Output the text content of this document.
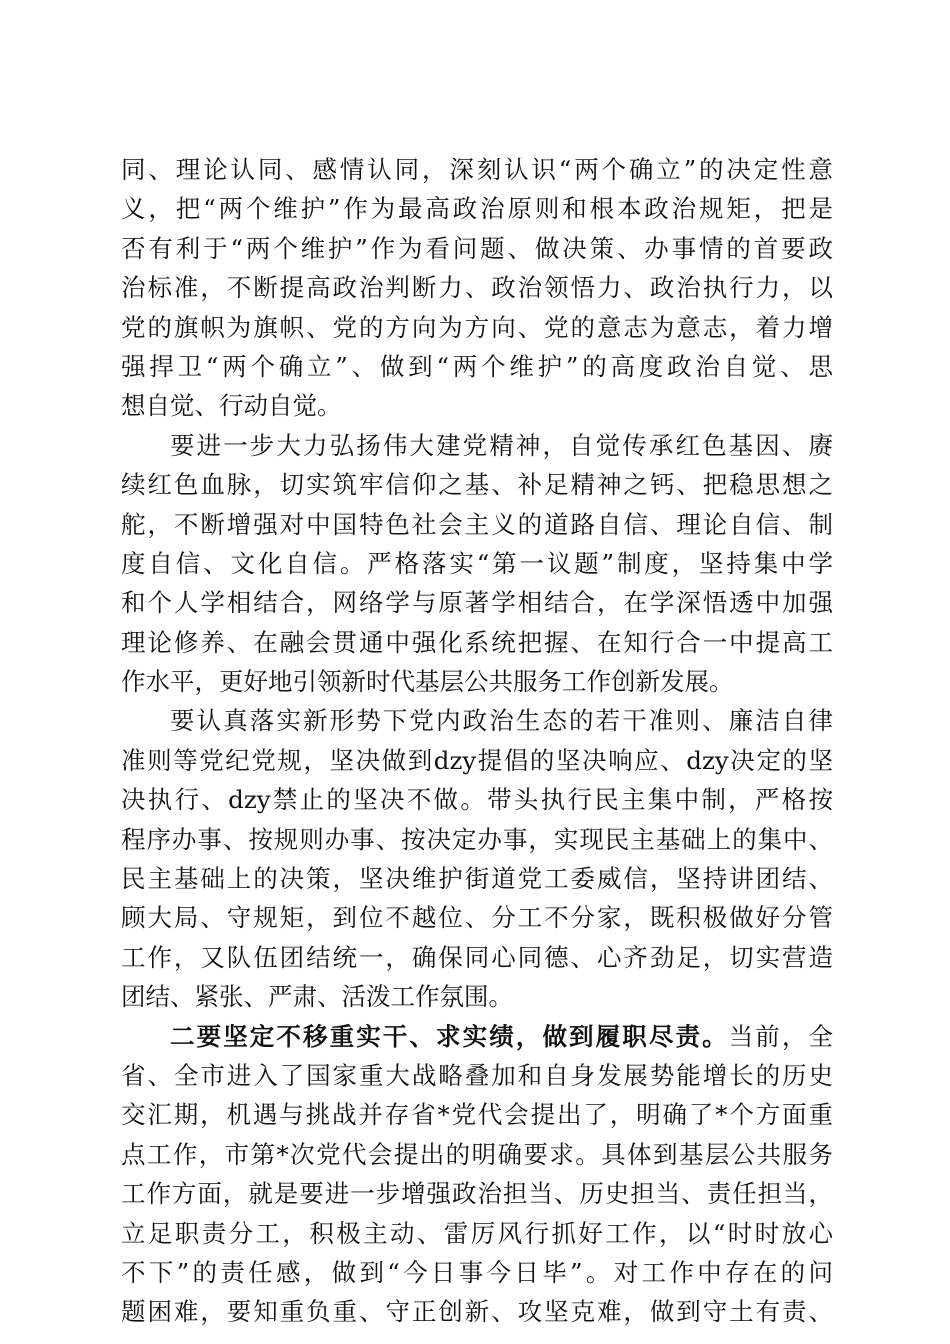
同、理论认同、感情认同，深刻认识“两个确立”的决定性意
义，把“两个维护”作为最高政治原则和根本政治规矩，把是
否有利于“两个维护”作为看问题、做决策、办事情的首要政
治标准，不断提高政治判断力、政治领悟力、政治执行力，以
党的旗帜为旗帜、党的方向为方向、党的意志为意志，着力增
强捍卫“两个确立”、做到“两个维护”的高度政治自觉、思
想自觉、行动自觉。
要进一步大力弘扬伟大建党精神，自觉传承红色基因、赓
续红色血脉，切实筑牢信仰之基、补足精神之钙、把稳思想之
舵，不断增强对中国特色社会主义的道路自信、理论自信、制
度自信、文化自信。严格落实“第一议题”制度，坚持集中学
和个人学相结合，网络学与原著学相结合，在学深悟透中加强
理论修养、在融会贯通中强化系统把握、在知行合一中提高工
作水平，更好地引领新时代基层公共服务工作创新发展。
要认真落实新形势下党内政治生态的若干准则、廉洁自律
准则等党纪党规，坚决做到dzy提倡的坚决响应、dzy决定的坚
决执行、dzy禁止的坚决不做。带头执行民主集中制，严格按
程序办事、按规则办事、按决定办事，实现民主基础上的集中、
民主基础上的决策，坚决维护街道党工委威信，坚持讲团结、
顾大局、守规矩，到位不越位、分工不分家，既积极做好分管
工作，又队伍团结统一，确保同心同德、心齐劲足，切实营造
团结、紧张、严肃、活泼工作氛围。
二要坚定不移重实干、求实绩，做到履职尽责。当前，全
省、全市进入了国家重大战略叠加和自身发展势能增长的历史
交汇期，机遇与挑战并存省*党代会提出了，明确了*个方面重
点工作，市第*次党代会提出的明确要求。具体到基层公共服务
工作方面，就是要进一步增强政治担当、历史担当、责任担当，
立足职责分工，积极主动、雷厉风行抓好工作，以“时时放心
不下”的责任感，做到“今日事今日毕”。对工作中存在的问
题困难，要知重负重、守正创新、攻坚克难，做到守土有责、
